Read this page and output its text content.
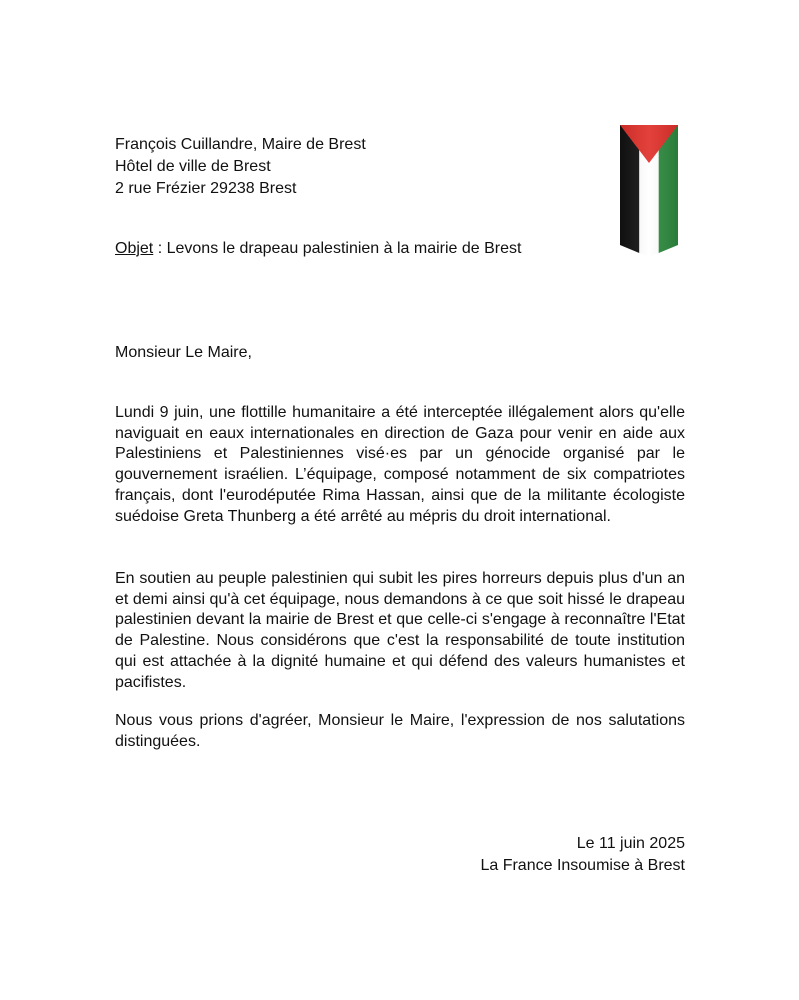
François Cuillandre, Maire de Brest
Hôtel de ville de Brest
2 rue Frézier 29238 Brest
Objet : Levons le drapeau palestinien à la mairie de Brest
Monsieur Le Maire,

Lundi 9 juin, une flottille humanitaire a été interceptée illégalement alors qu'elle naviguait en eaux internationales en direction de Gaza pour venir en aide aux Palestiniens et Palestiniennes visé·es par un génocide organisé par le gouvernement israélien. L’équipage, composé notamment de six compatriotes français, dont l'eurodéputée Rima Hassan, ainsi que de la militante écologiste suédoise Greta Thunberg a été arrêté au mépris du droit international.

En soutien au peuple palestinien qui subit les pires horreurs depuis plus d'un an et demi ainsi qu'à cet équipage, nous demandons à ce que soit hissé le drapeau palestinien devant la mairie de Brest et que celle-ci s'engage à reconnaître l'Etat de Palestine. Nous considérons que c'est la responsabilité de toute institution qui est attachée à la dignité humaine et qui défend des valeurs humanistes et pacifistes.

Nous vous prions d'agréer, Monsieur le Maire, l'expression de nos salutations distinguées.

Le 11 juin 2025
La France Insoumise à Brest
